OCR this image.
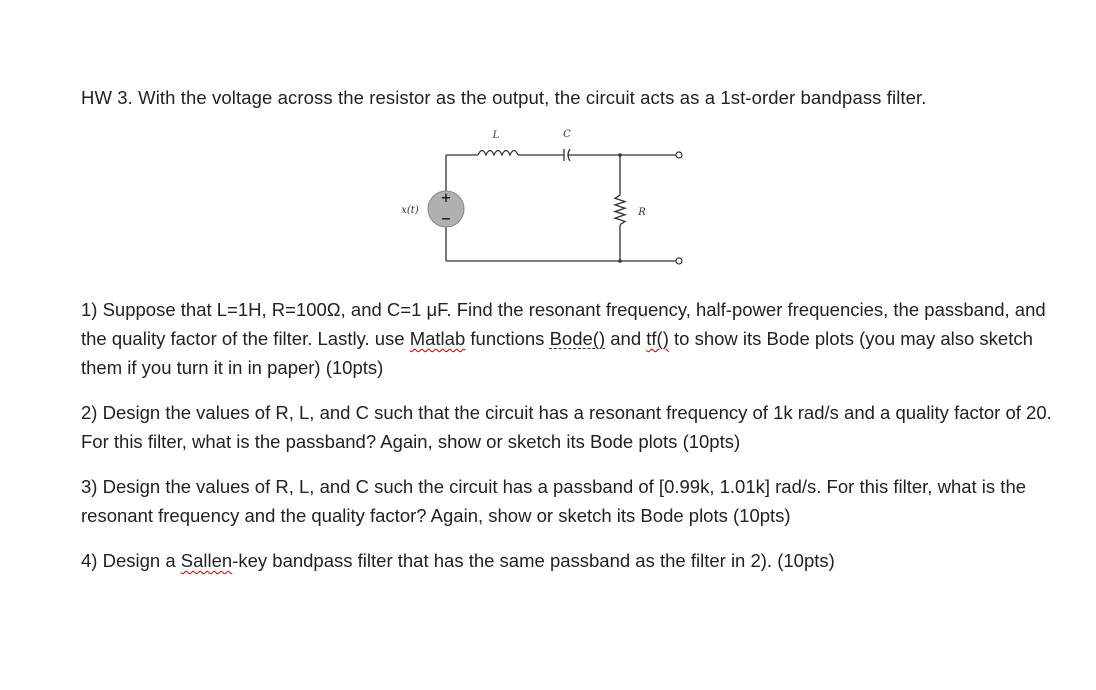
HW 3. With the voltage across the resistor as the output, the circuit acts as a 1st-order bandpass filter.
+
−
L	C
R
x(t)
1) Suppose that L=1H, R=100Ω, and C=1 μF. Find the resonant frequency, half-power frequencies, the passband, and the quality factor of the filter. Lastly. use Matlab functions Bode() and tf() to show its Bode plots (you may also sketch them if you turn it in in paper) (10pts)
2) Design the values of R, L, and C such that the circuit has a resonant frequency of 1k rad/s and a quality factor of 20. For this filter, what is the passband? Again, show or sketch its Bode plots (10pts)
3) Design the values of R, L, and C such the circuit has a passband of [0.99k, 1.01k] rad/s. For this filter, what is the resonant frequency and the quality factor? Again, show or sketch its Bode plots (10pts)
4) Design a Sallen-key bandpass filter that has the same passband as the filter in 2). (10pts)
